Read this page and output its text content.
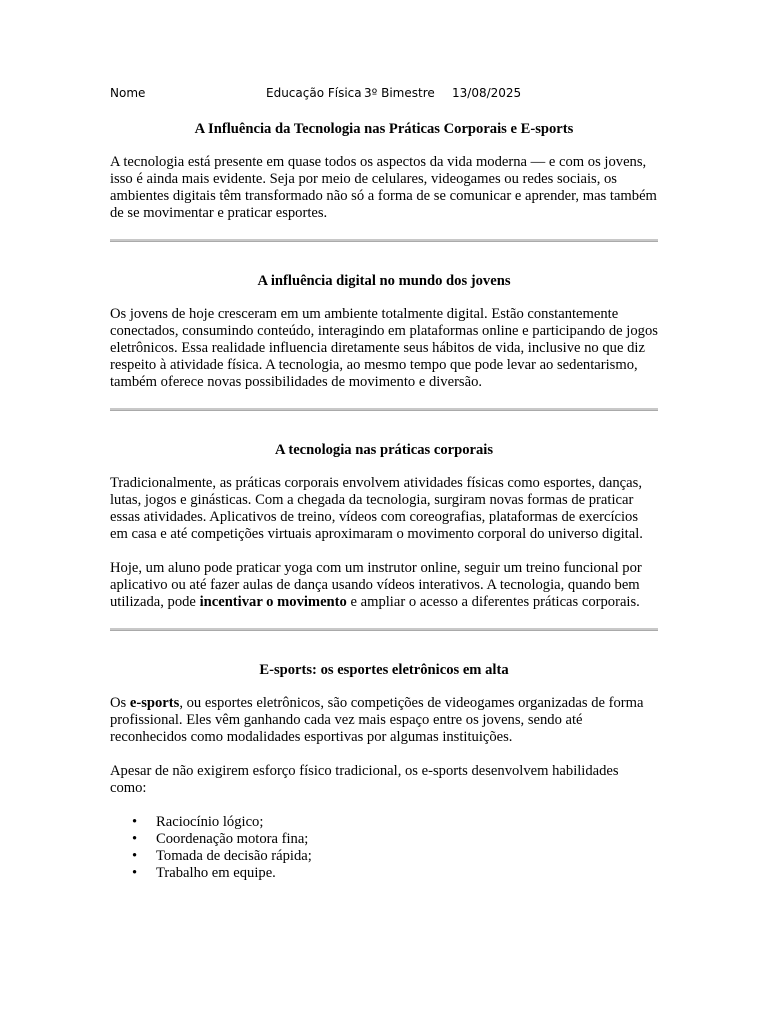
Nome	Educação Física 3º Bimestre 13/08/2025
A Influência da Tecnologia nas Práticas Corporais e E-sports

A tecnologia está presente em quase todos os aspectos da vida moderna — e com os jovens, isso é ainda mais evidente. Seja por meio de celulares, videogames ou redes sociais, os ambientes digitais têm transformado não só a forma de se comunicar e aprender, mas também de se movimentar e praticar esportes.

A influência digital no mundo dos jovens

Os jovens de hoje cresceram em um ambiente totalmente digital. Estão constantemente conectados, consumindo conteúdo, interagindo em plataformas online e participando de jogos eletrônicos. Essa realidade influencia diretamente seus hábitos de vida, inclusive no que diz respeito à atividade física. A tecnologia, ao mesmo tempo que pode levar ao sedentarismo, também oferece novas possibilidades de movimento e diversão.

A tecnologia nas práticas corporais

Tradicionalmente, as práticas corporais envolvem atividades físicas como esportes, danças, lutas, jogos e ginásticas. Com a chegada da tecnologia, surgiram novas formas de praticar essas atividades. Aplicativos de treino, vídeos com coreografias, plataformas de exercícios em casa e até competições virtuais aproximaram o movimento corporal do universo digital.

Hoje, um aluno pode praticar yoga com um instrutor online, seguir um treino funcional por aplicativo ou até fazer aulas de dança usando vídeos interativos. A tecnologia, quando bem utilizada, pode incentivar o movimento e ampliar o acesso a diferentes práticas corporais.

E-sports: os esportes eletrônicos em alta

Os e-sports, ou esportes eletrônicos, são competições de videogames organizadas de forma profissional. Eles vêm ganhando cada vez mais espaço entre os jovens, sendo até reconhecidos como modalidades esportivas por algumas instituições.

Apesar de não exigirem esforço físico tradicional, os e-sports desenvolvem habilidades como:

• Raciocínio lógico;
• Coordenação motora fina;
• Tomada de decisão rápida;
• Trabalho em equipe.
